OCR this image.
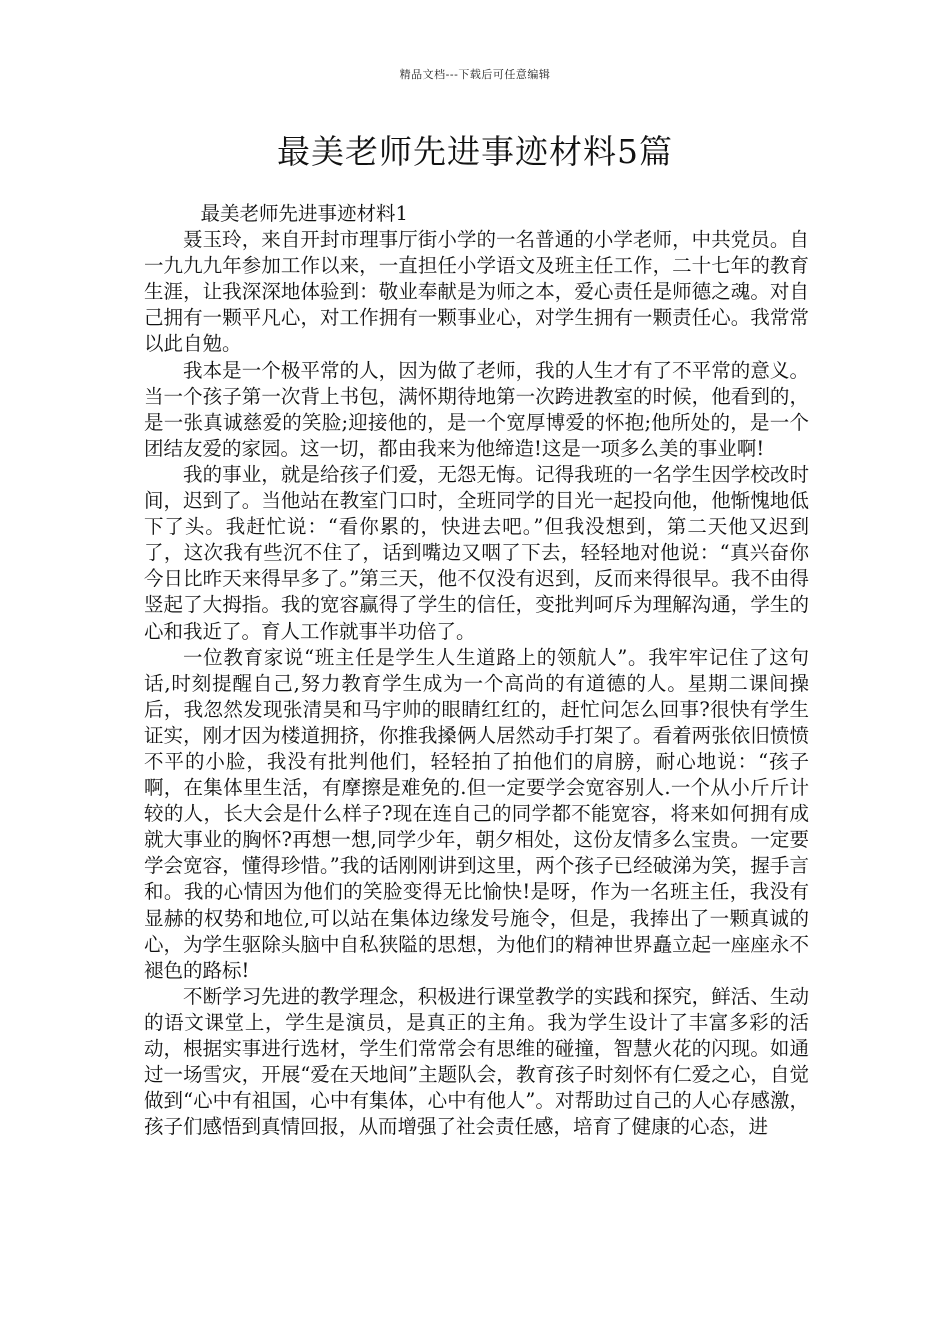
精品文档---下载后可任意编辑
最美老师先进事迹材料5篇
最美老师先进事迹材料1

聂玉玲，来自开封市理事厅街小学的一名普通的小学老师，中共党员。自一九九九年参加工作以来，一直担任小学语文及班主任工作，二十七年的教育生涯，让我深深地体验到：敬业奉献是为师之本，爱心责任是师德之魂。对自己拥有一颗平凡心，对工作拥有一颗事业心，对学生拥有一颗责任心。我常常以此自勉。

我本是一个极平常的人，因为做了老师，我的人生才有了不平常的意义。当一个孩子第一次背上书包，满怀期待地第一次跨进教室的时候，他看到的，是一张真诚慈爱的笑脸;迎接他的，是一个宽厚博爱的怀抱;他所处的，是一个团结友爱的家园。这一切，都由我来为他缔造!这是一项多么美的事业啊!

我的事业，就是给孩子们爱，无怨无悔。记得我班的一名学生因学校改时间，迟到了。当他站在教室门口时，全班同学的目光一起投向他，他惭愧地低下了头。我赶忙说：“看你累的，快进去吧。”但我没想到，第二天他又迟到了，这次我有些沉不住了，话到嘴边又咽了下去，轻轻地对他说：“真兴奋你今日比昨天来得早多了。”第三天，他不仅没有迟到，反而来得很早。我不由得竖起了大拇指。我的宽容赢得了学生的信任，变批判呵斥为理解沟通，学生的心和我近了。育人工作就事半功倍了。

一位教育家说“班主任是学生人生道路上的领航人”。我牢牢记住了这句话,时刻提醒自己,努力教育学生成为一个高尚的有道德的人。星期二课间操后，我忽然发现张清昊和马宇帅的眼睛红红的，赶忙问怎么回事?很快有学生证实，刚才因为楼道拥挤，你推我搡俩人居然动手打架了。看着两张依旧愤愤不平的小脸，我没有批判他们，轻轻拍了拍他们的肩膀，耐心地说：“孩子啊，在集体里生活，有摩擦是难免的.但一定要学会宽容别人.一个从小斤斤计较的人，长大会是什么样子?现在连自己的同学都不能宽容，将来如何拥有成就大事业的胸怀?再想一想,同学少年，朝夕相处，这份友情多么宝贵。一定要学会宽容，懂得珍惜。”我的话刚刚讲到这里，两个孩子已经破涕为笑，握手言和。我的心情因为他们的笑脸变得无比愉快!是呀，作为一名班主任，我没有显赫的权势和地位,可以站在集体边缘发号施令，但是，我捧出了一颗真诚的心，为学生驱除头脑中自私狭隘的思想，为他们的精神世界矗立起一座座永不褪色的路标!

不断学习先进的教学理念，积极进行课堂教学的实践和探究，鲜活、生动的语文课堂上，学生是演员，是真正的主角。我为学生设计了丰富多彩的活动，根据实事进行选材，学生们常常会有思维的碰撞，智慧火花的闪现。如通过一场雪灾，开展“爱在天地间”主题队会，教育孩子时刻怀有仁爱之心，自觉做到“心中有祖国，心中有集体，心中有他人”。对帮助过自己的人心存感激，孩子们感悟到真情回报，从而增强了社会责任感，培育了健康的心态，进
